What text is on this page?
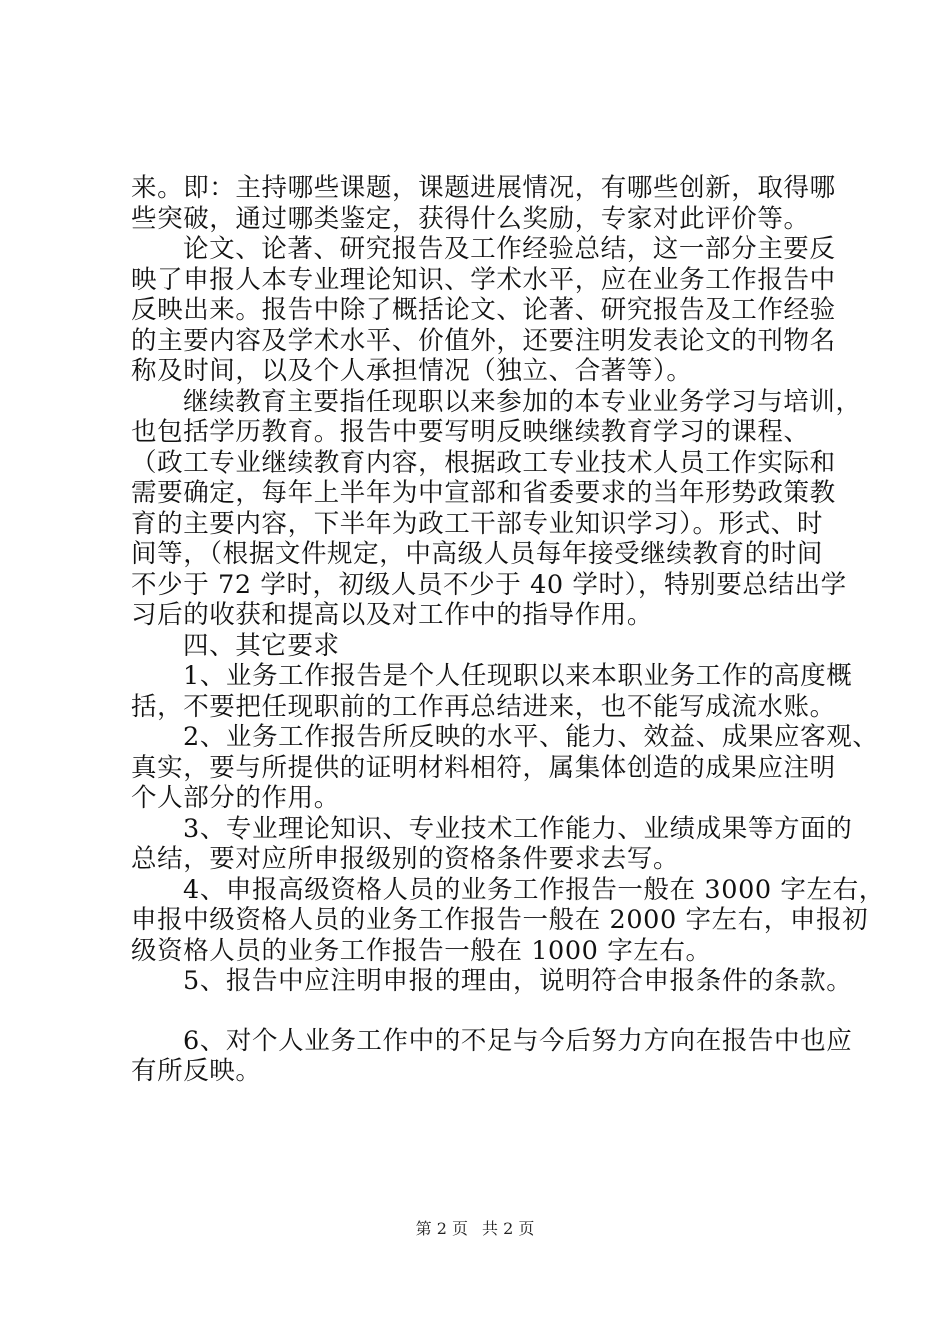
来。即：主持哪些课题，课题进展情况，有哪些创新，取得哪
些突破，通过哪类鉴定，获得什么奖励，专家对此评价等。
论文、论著、研究报告及工作经验总结，这一部分主要反
映了申报人本专业理论知识、学术水平，应在业务工作报告中
反映出来。报告中除了概括论文、论著、研究报告及工作经验
的主要内容及学术水平、价值外，还要注明发表论文的刊物名
称及时间，以及个人承担情况（独立、合著等）。
继续教育主要指任现职以来参加的本专业业务学习与培训，
也包括学历教育。报告中要写明反映继续教育学习的课程、
（政工专业继续教育内容，根据政工专业技术人员工作实际和
需要确定，每年上半年为中宣部和省委要求的当年形势政策教
育的主要内容，下半年为政工干部专业知识学习）。形式、时
间等，（根据文件规定，中高级人员每年接受继续教育的时间
不少于 72 学时，初级人员不少于 40 学时），特别要总结出学
习后的收获和提高以及对工作中的指导作用。
四、其它要求
1、业务工作报告是个人任现职以来本职业务工作的高度概
括，不要把任现职前的工作再总结进来，也不能写成流水账。
2、业务工作报告所反映的水平、能力、效益、成果应客观、
真实，要与所提供的证明材料相符，属集体创造的成果应注明
个人部分的作用。
3、专业理论知识、专业技术工作能力、业绩成果等方面的
总结，要对应所申报级别的资格条件要求去写。
4、申报高级资格人员的业务工作报告一般在 3000 字左右，
申报中级资格人员的业务工作报告一般在 2000 字左右，申报初
级资格人员的业务工作报告一般在 1000 字左右。
5、报告中应注明申报的理由，说明符合申报条件的条款。
6、对个人业务工作中的不足与今后努力方向在报告中也应
有所反映。
第 2 页 共 2 页
